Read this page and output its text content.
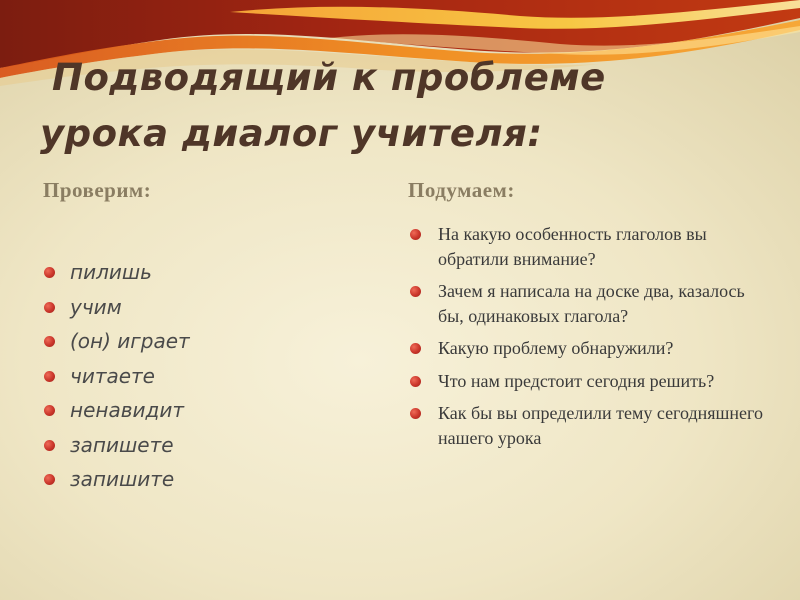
Подводящий к проблеме
урока диалог учителя:
Проверим:	Подумаем:
пилишь
учим
(он) играет
читаете
ненавидит
запишете
запишите
На какую особенность глаголов вы обратили внимание?
Зачем я написала на доске два, казалось бы, одинаковых глагола?
Какую проблему обнаружили?
Что нам предстоит сегодня решить?
Как бы вы определили тему сегодняшнего нашего урока
